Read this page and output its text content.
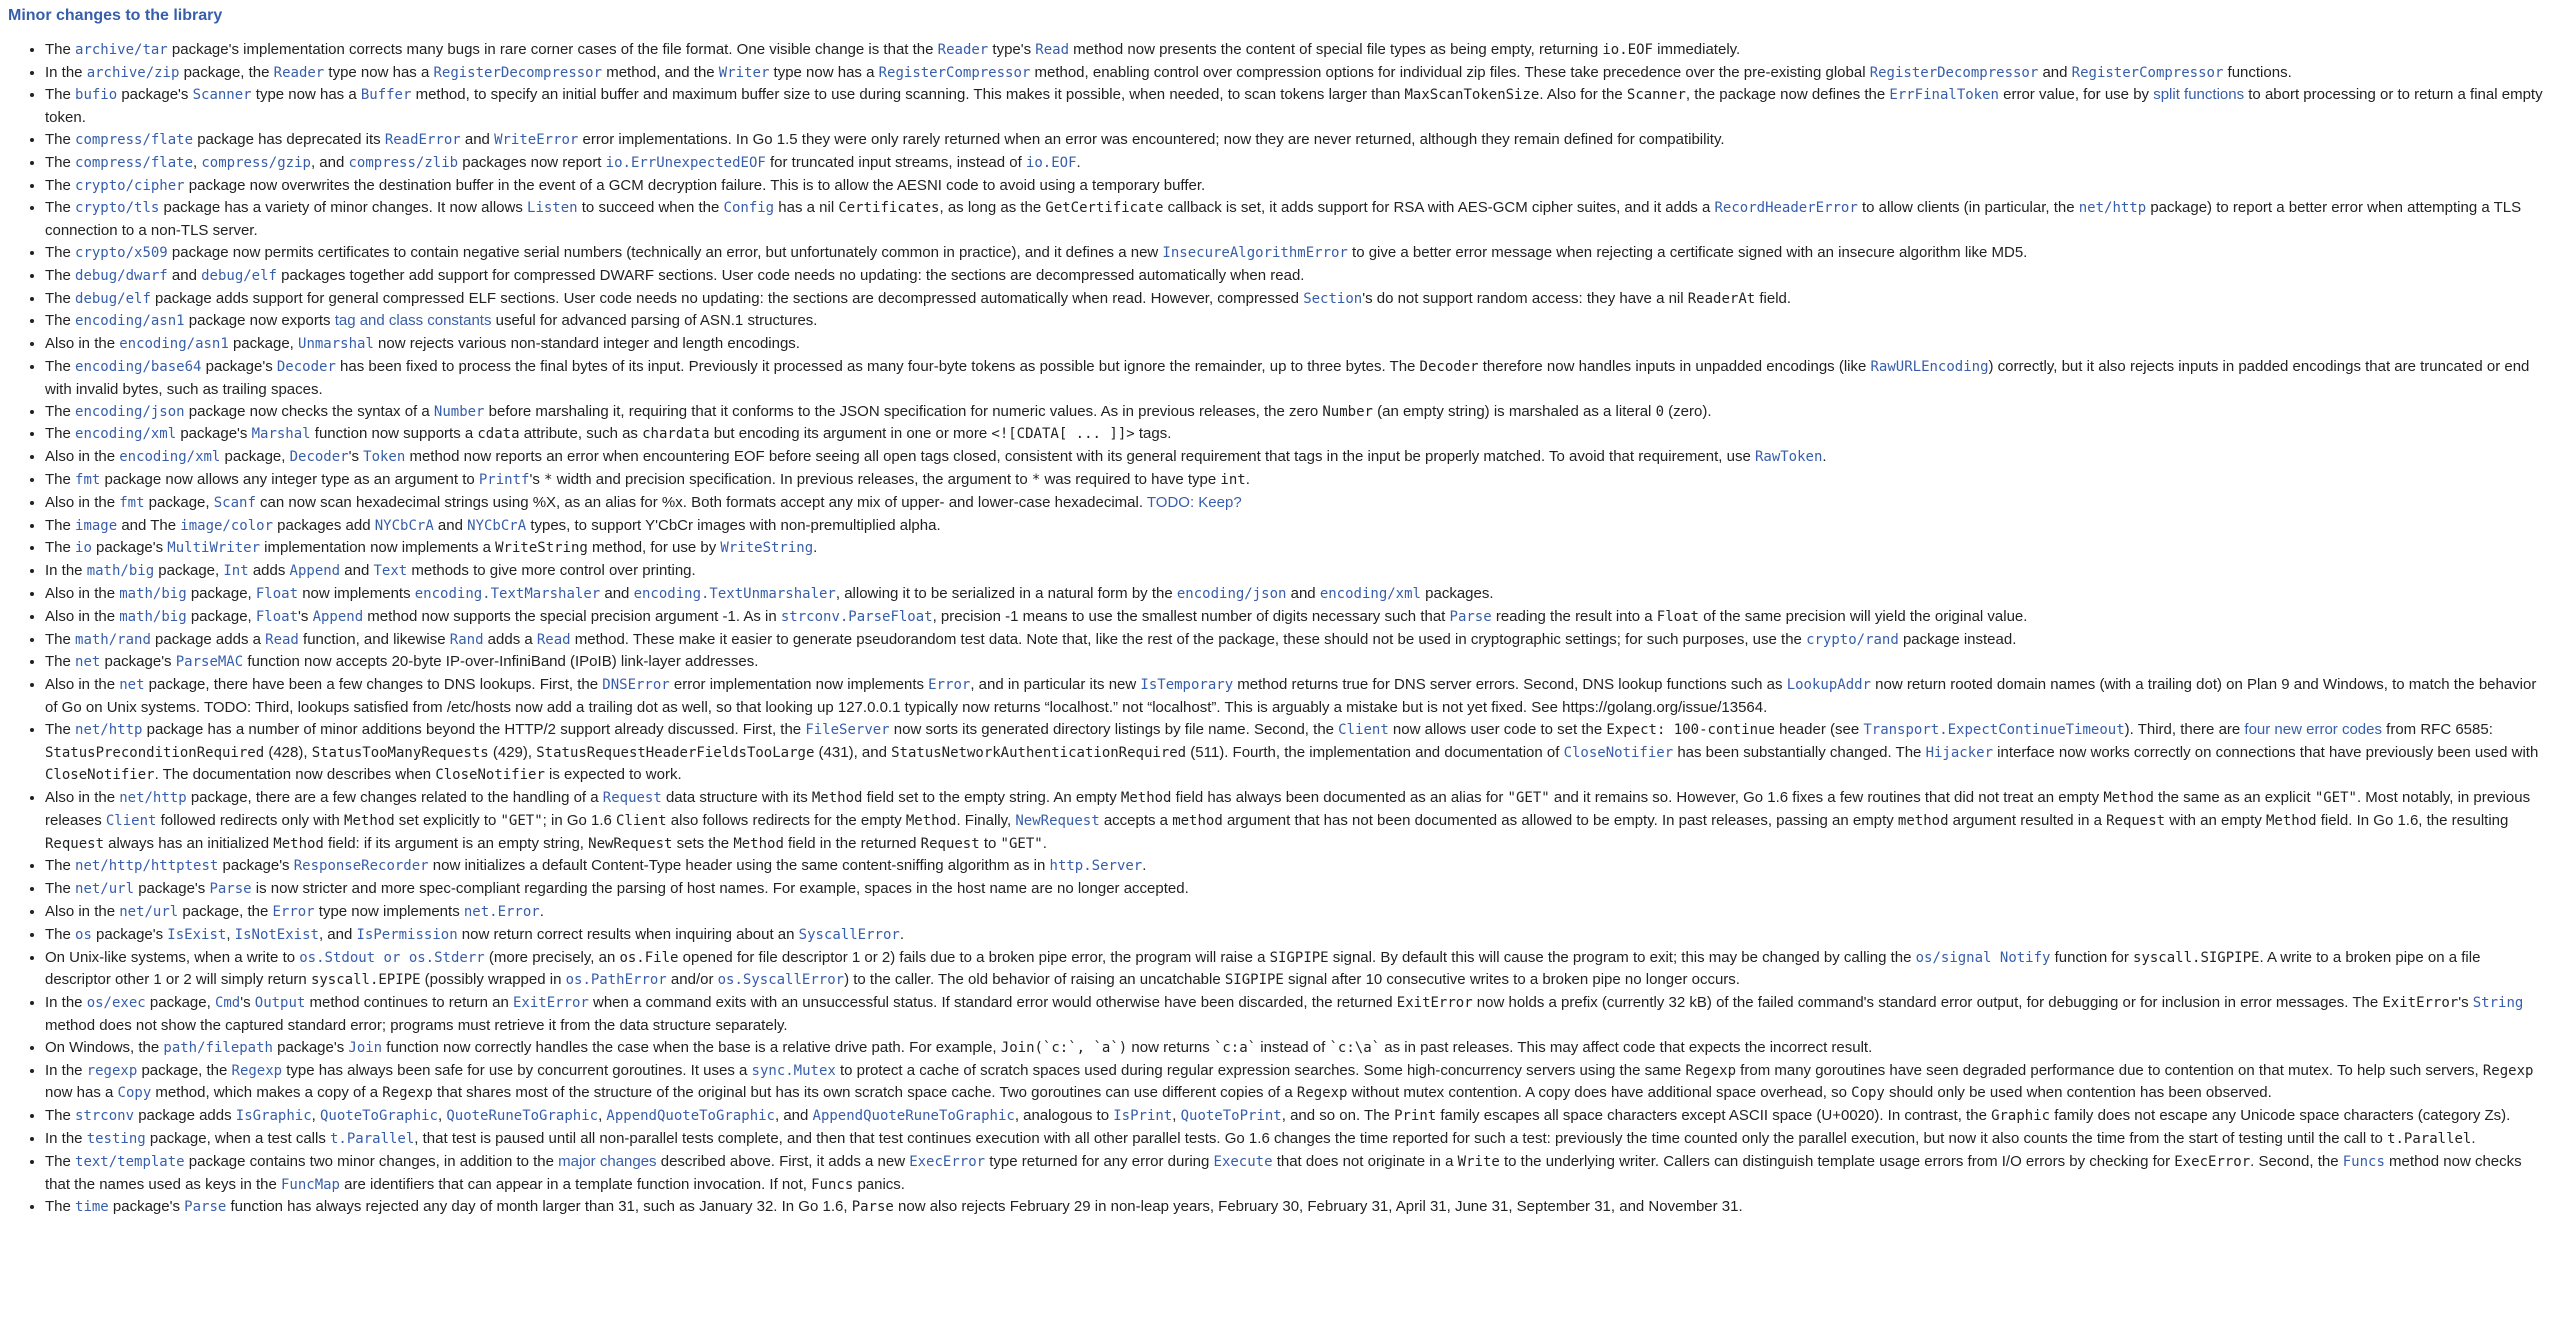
Minor changes to the library
• The archive/tar package's implementation corrects many bugs in rare corner cases of the file format. One visible change is that the Reader type's Read method now presents the content of special file types as being empty, returning io.EOF immediately.
• In the archive/zip package, the Reader type now has a RegisterDecompressor method, and the Writer type now has a RegisterCompressor method, enabling control over compression options for individual zip files. These take precedence over the pre-existing global RegisterDecompressor and RegisterCompressor functions.
• The bufio package's Scanner type now has a Buffer method, to specify an initial buffer and maximum buffer size to use during scanning. This makes it possible, when needed, to scan tokens larger than MaxScanTokenSize. Also for the Scanner, the package now defines the ErrFinalToken error value, for use by split functions to abort processing or to return a final empty token.
• The compress/flate package has deprecated its ReadError and WriteError error implementations. In Go 1.5 they were only rarely returned when an error was encountered; now they are never returned, although they remain defined for compatibility.
• The compress/flate, compress/gzip, and compress/zlib packages now report io.ErrUnexpectedEOF for truncated input streams, instead of io.EOF.
• The crypto/cipher package now overwrites the destination buffer in the event of a GCM decryption failure. This is to allow the AESNI code to avoid using a temporary buffer.
• The crypto/tls package has a variety of minor changes. It now allows Listen to succeed when the Config has a nil Certificates, as long as the GetCertificate callback is set, it adds support for RSA with AES-GCM cipher suites, and it adds a RecordHeaderError to allow clients (in particular, the net/http package) to report a better error when attempting a TLS connection to a non-TLS server.
• The crypto/x509 package now permits certificates to contain negative serial numbers (technically an error, but unfortunately common in practice), and it defines a new InsecureAlgorithmError to give a better error message when rejecting a certificate signed with an insecure algorithm like MD5.
• The debug/dwarf and debug/elf packages together add support for compressed DWARF sections. User code needs no updating: the sections are decompressed automatically when read.
• The debug/elf package adds support for general compressed ELF sections. User code needs no updating: the sections are decompressed automatically when read. However, compressed Section's do not support random access: they have a nil ReaderAt field.
• The encoding/asn1 package now exports tag and class constants useful for advanced parsing of ASN.1 structures.
• Also in the encoding/asn1 package, Unmarshal now rejects various non-standard integer and length encodings.
• The encoding/base64 package's Decoder has been fixed to process the final bytes of its input. Previously it processed as many four-byte tokens as possible but ignore the remainder, up to three bytes. The Decoder therefore now handles inputs in unpadded encodings (like RawURLEncoding) correctly, but it also rejects inputs in padded encodings that are truncated or end with invalid bytes, such as trailing spaces.
• The encoding/json package now checks the syntax of a Number before marshaling it, requiring that it conforms to the JSON specification for numeric values. As in previous releases, the zero Number (an empty string) is marshaled as a literal 0 (zero).
• The encoding/xml package's Marshal function now supports a cdata attribute, such as chardata but encoding its argument in one or more <![CDATA[ ... ]]> tags.
• Also in the encoding/xml package, Decoder's Token method now reports an error when encountering EOF before seeing all open tags closed, consistent with its general requirement that tags in the input be properly matched. To avoid that requirement, use RawToken.
• The fmt package now allows any integer type as an argument to Printf's * width and precision specification. In previous releases, the argument to * was required to have type int.
• Also in the fmt package, Scanf can now scan hexadecimal strings using %X, as an alias for %x. Both formats accept any mix of upper- and lower-case hexadecimal. TODO: Keep?
• The image and The image/color packages add NYCbCrA and NYCbCrA types, to support Y'CbCr images with non-premultiplied alpha.
• The io package's MultiWriter implementation now implements a WriteString method, for use by WriteString.
• In the math/big package, Int adds Append and Text methods to give more control over printing.
• Also in the math/big package, Float now implements encoding.TextMarshaler and encoding.TextUnmarshaler, allowing it to be serialized in a natural form by the encoding/json and encoding/xml packages.
• Also in the math/big package, Float's Append method now supports the special precision argument -1. As in strconv.ParseFloat, precision -1 means to use the smallest number of digits necessary such that Parse reading the result into a Float of the same precision will yield the original value.
• The math/rand package adds a Read function, and likewise Rand adds a Read method. These make it easier to generate pseudorandom test data. Note that, like the rest of the package, these should not be used in cryptographic settings; for such purposes, use the crypto/rand package instead.
• The net package's ParseMAC function now accepts 20-byte IP-over-InfiniBand (IPoIB) link-layer addresses.
• Also in the net package, there have been a few changes to DNS lookups. First, the DNSError error implementation now implements Error, and in particular its new IsTemporary method returns true for DNS server errors. Second, DNS lookup functions such as LookupAddr now return rooted domain names (with a trailing dot) on Plan 9 and Windows, to match the behavior of Go on Unix systems. TODO: Third, lookups satisfied from /etc/hosts now add a trailing dot as well, so that looking up 127.0.0.1 typically now returns “localhost.” not “localhost”. This is arguably a mistake but is not yet fixed. See https://golang.org/issue/13564.
• The net/http package has a number of minor additions beyond the HTTP/2 support already discussed. First, the FileServer now sorts its generated directory listings by file name. Second, the Client now allows user code to set the Expect: 100-continue header (see Transport.ExpectContinueTimeout). Third, there are four new error codes from RFC 6585: StatusPreconditionRequired (428), StatusTooManyRequests (429), StatusRequestHeaderFieldsTooLarge (431), and StatusNetworkAuthenticationRequired (511). Fourth, the implementation and documentation of CloseNotifier has been substantially changed. The Hijacker interface now works correctly on connections that have previously been used with CloseNotifier. The documentation now describes when CloseNotifier is expected to work.
• Also in the net/http package, there are a few changes related to the handling of a Request data structure with its Method field set to the empty string. An empty Method field has always been documented as an alias for "GET" and it remains so. However, Go 1.6 fixes a few routines that did not treat an empty Method the same as an explicit "GET". Most notably, in previous releases Client followed redirects only with Method set explicitly to "GET"; in Go 1.6 Client also follows redirects for the empty Method. Finally, NewRequest accepts a method argument that has not been documented as allowed to be empty. In past releases, passing an empty method argument resulted in a Request with an empty Method field. In Go 1.6, the resulting Request always has an initialized Method field: if its argument is an empty string, NewRequest sets the Method field in the returned Request to "GET".
• The net/http/httptest package's ResponseRecorder now initializes a default Content-Type header using the same content-sniffing algorithm as in http.Server.
• The net/url package's Parse is now stricter and more spec-compliant regarding the parsing of host names. For example, spaces in the host name are no longer accepted.
• Also in the net/url package, the Error type now implements net.Error.
• The os package's IsExist, IsNotExist, and IsPermission now return correct results when inquiring about an SyscallError.
• On Unix-like systems, when a write to os.Stdout or os.Stderr (more precisely, an os.File opened for file descriptor 1 or 2) fails due to a broken pipe error, the program will raise a SIGPIPE signal. By default this will cause the program to exit; this may be changed by calling the os/signal Notify function for syscall.SIGPIPE. A write to a broken pipe on a file descriptor other 1 or 2 will simply return syscall.EPIPE (possibly wrapped in os.PathError and/or os.SyscallError) to the caller. The old behavior of raising an uncatchable SIGPIPE signal after 10 consecutive writes to a broken pipe no longer occurs.
• In the os/exec package, Cmd's Output method continues to return an ExitError when a command exits with an unsuccessful status. If standard error would otherwise have been discarded, the returned ExitError now holds a prefix (currently 32 kB) of the failed command's standard error output, for debugging or for inclusion in error messages. The ExitError's String method does not show the captured standard error; programs must retrieve it from the data structure separately.
• On Windows, the path/filepath package's Join function now correctly handles the case when the base is a relative drive path. For example, Join(`c:`, `a`) now returns `c:a` instead of `c:\a` as in past releases. This may affect code that expects the incorrect result.
• In the regexp package, the Regexp type has always been safe for use by concurrent goroutines. It uses a sync.Mutex to protect a cache of scratch spaces used during regular expression searches. Some high-concurrency servers using the same Regexp from many goroutines have seen degraded performance due to contention on that mutex. To help such servers, Regexp now has a Copy method, which makes a copy of a Regexp that shares most of the structure of the original but has its own scratch space cache. Two goroutines can use different copies of a Regexp without mutex contention. A copy does have additional space overhead, so Copy should only be used when contention has been observed.
• The strconv package adds IsGraphic, QuoteToGraphic, QuoteRuneToGraphic, AppendQuoteToGraphic, and AppendQuoteRuneToGraphic, analogous to IsPrint, QuoteToPrint, and so on. The Print family escapes all space characters except ASCII space (U+0020). In contrast, the Graphic family does not escape any Unicode space characters (category Zs).
• In the testing package, when a test calls t.Parallel, that test is paused until all non-parallel tests complete, and then that test continues execution with all other parallel tests. Go 1.6 changes the time reported for such a test: previously the time counted only the parallel execution, but now it also counts the time from the start of testing until the call to t.Parallel.
• The text/template package contains two minor changes, in addition to the major changes described above. First, it adds a new ExecError type returned for any error during Execute that does not originate in a Write to the underlying writer. Callers can distinguish template usage errors from I/O errors by checking for ExecError. Second, the Funcs method now checks that the names used as keys in the FuncMap are identifiers that can appear in a template function invocation. If not, Funcs panics.
• The time package's Parse function has always rejected any day of month larger than 31, such as January 32. In Go 1.6, Parse now also rejects February 29 in non-leap years, February 30, February 31, April 31, June 31, September 31, and November 31.
